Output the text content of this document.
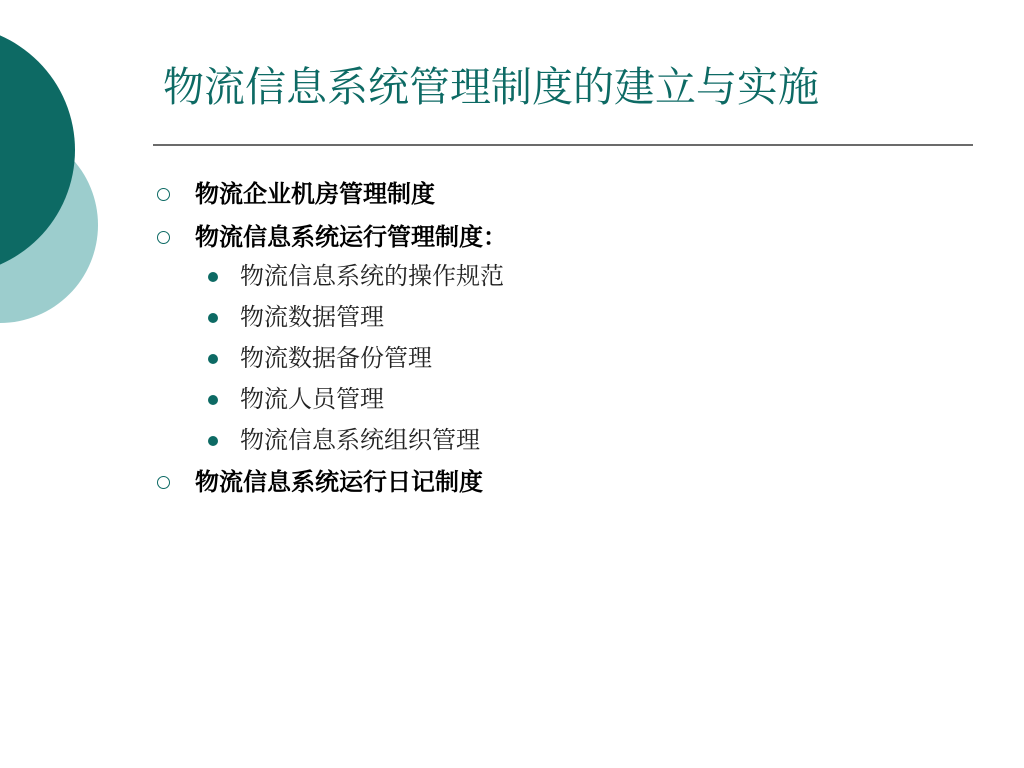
物流信息系统管理制度的建立与实施
物流企业机房管理制度
物流信息系统运行管理制度：
物流信息系统的操作规范
物流数据管理
物流数据备份管理
物流人员管理
物流信息系统组织管理
物流信息系统运行日记制度
